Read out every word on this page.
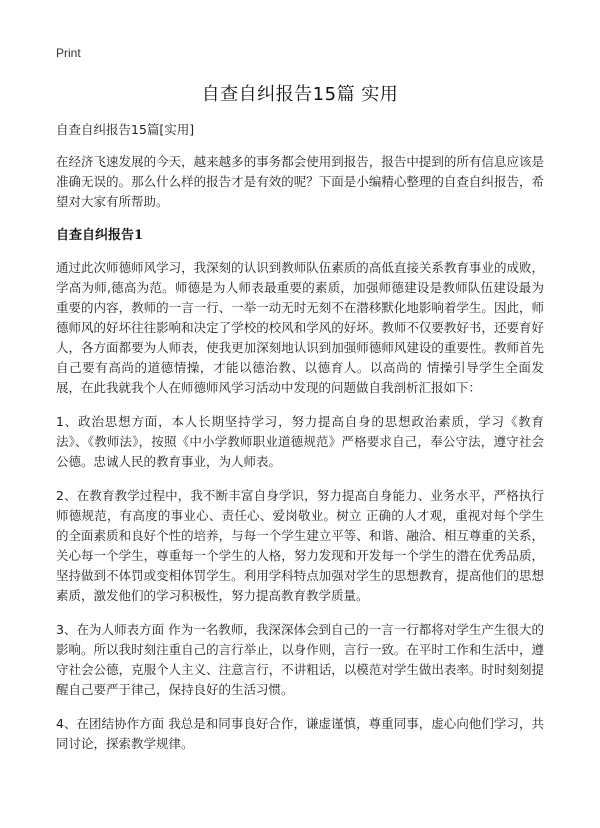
Print
自查自纠报告15篇 实用

自查自纠报告15篇[实用]

在经济飞速发展的今天，越来越多的事务都会使用到报告，报告中提到的所有信息应该是准确无误的。那么什么样的报告才是有效的呢？下面是小编精心整理的自查自纠报告，希望对大家有所帮助。

自查自纠报告1

通过此次师德师风学习，我深刻的认识到教师队伍素质的高低直接关系教育事业的成败，学高为师,德高为范。师德是为人师表最重要的素质，加强师德建设是教师队伍建设最为重要的内容，教师的一言一行、一举一动无时无刻不在潜移默化地影响着学生。因此，师德师风的好坏往往影响和决定了学校的校风和学风的好坏。教师不仅要教好书，还要育好人，各方面都要为人师表，使我更加深刻地认识到加强师德师风建设的重要性。教师首先自己要有高尚的道德情操，才能以德治教、以德育人。以高尚的 情操引导学生全面发展，在此我就我个人在师德师风学习活动中发现的问题做自我剖析汇报如下：

1、政治思想方面，本人长期坚持学习，努力提高自身的思想政治素质，学习《教育法》、《教师法》，按照《中小学教师职业道德规范》严格要求自己，奉公守法，遵守社会公德。忠诚人民的教育事业，为人师表。

2、在教育教学过程中，我不断丰富自身学识，努力提高自身能力、业务水平，严格执行师德规范，有高度的事业心、责任心、爱岗敬业。树立 正确的人才观，重视对每个学生的全面素质和良好个性的培养，与每一个学生建立平等、和谐、融洽、相互尊重的关系，关心每一个学生，尊重每一个学生的人格，努力发现和开发每一个学生的潜在优秀品质，坚持做到不体罚或变相体罚学生。利用学科特点加强对学生的思想教育，提高他们的思想素质，激发他们的学习积极性，努力提高教育教学质量。

3、在为人师表方面 作为一名教师，我深深体会到自己的一言一行都将对学生产生很大的影响。所以我时刻注重自己的言行举止，以身作则，言行一致。在平时工作和生活中，遵守社会公德，克服个人主义、注意言行，不讲粗话，以模范对学生做出表率。时时刻刻提醒自己要严于律己，保持良好的生活习惯。

4、在团结协作方面 我总是和同事良好合作，谦虚谨慎，尊重同事，虚心向他们学习，共同讨论，探索教学规律。
